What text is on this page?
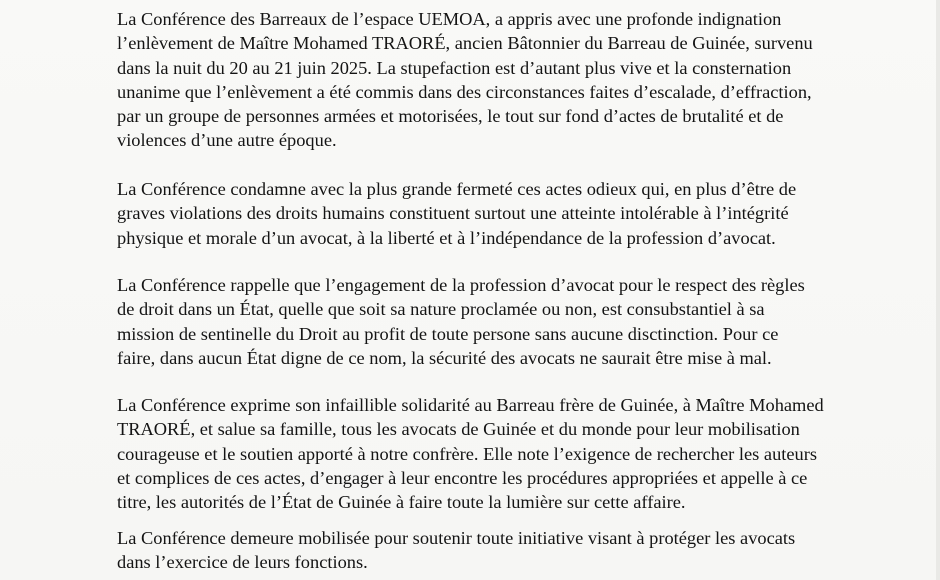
La Conférence des Barreaux de l’espace UEMOA, a appris avec une profonde indignation
l’enlèvement de Maître Mohamed TRAORÉ, ancien Bâtonnier du Barreau de Guinée, survenu
dans la nuit du 20 au 21 juin 2025. La stupefaction est d’autant plus vive et la consternation
unanime que l’enlèvement a été commis dans des circonstances faites d’escalade, d’effraction,
par un groupe de personnes armées et motorisées, le tout sur fond d’actes de brutalité et de
violences d’une autre époque.

La Conférence condamne avec la plus grande fermeté ces actes odieux qui, en plus d’être de
graves violations des droits humains constituent surtout une atteinte intolérable à l’intégrité
physique et morale d’un avocat, à la liberté et à l’indépendance de la profession d’avocat.

La Conférence rappelle que l’engagement de la profession d’avocat pour le respect des règles
de droit dans un État, quelle que soit sa nature proclamée ou non, est consubstantiel à sa
mission de sentinelle du Droit au profit de toute persone sans aucune disctinction. Pour ce
faire, dans aucun État digne de ce nom, la sécurité des avocats ne saurait être mise à mal.

La Conférence exprime son infaillible solidarité au Barreau frère de Guinée, à Maître Mohamed
TRAORÉ, et salue sa famille, tous les avocats de Guinée et du monde pour leur mobilisation
courageuse et le soutien apporté à notre confrère. Elle note l’exigence de rechercher les auteurs
et complices de ces actes, d’engager à leur encontre les procédures appropriées et appelle à ce
titre, les autorités de l’État de Guinée à faire toute la lumière sur cette affaire.

La Conférence demeure mobilisée pour soutenir toute initiative visant à protéger les avocats
dans l’exercice de leurs fonctions.
